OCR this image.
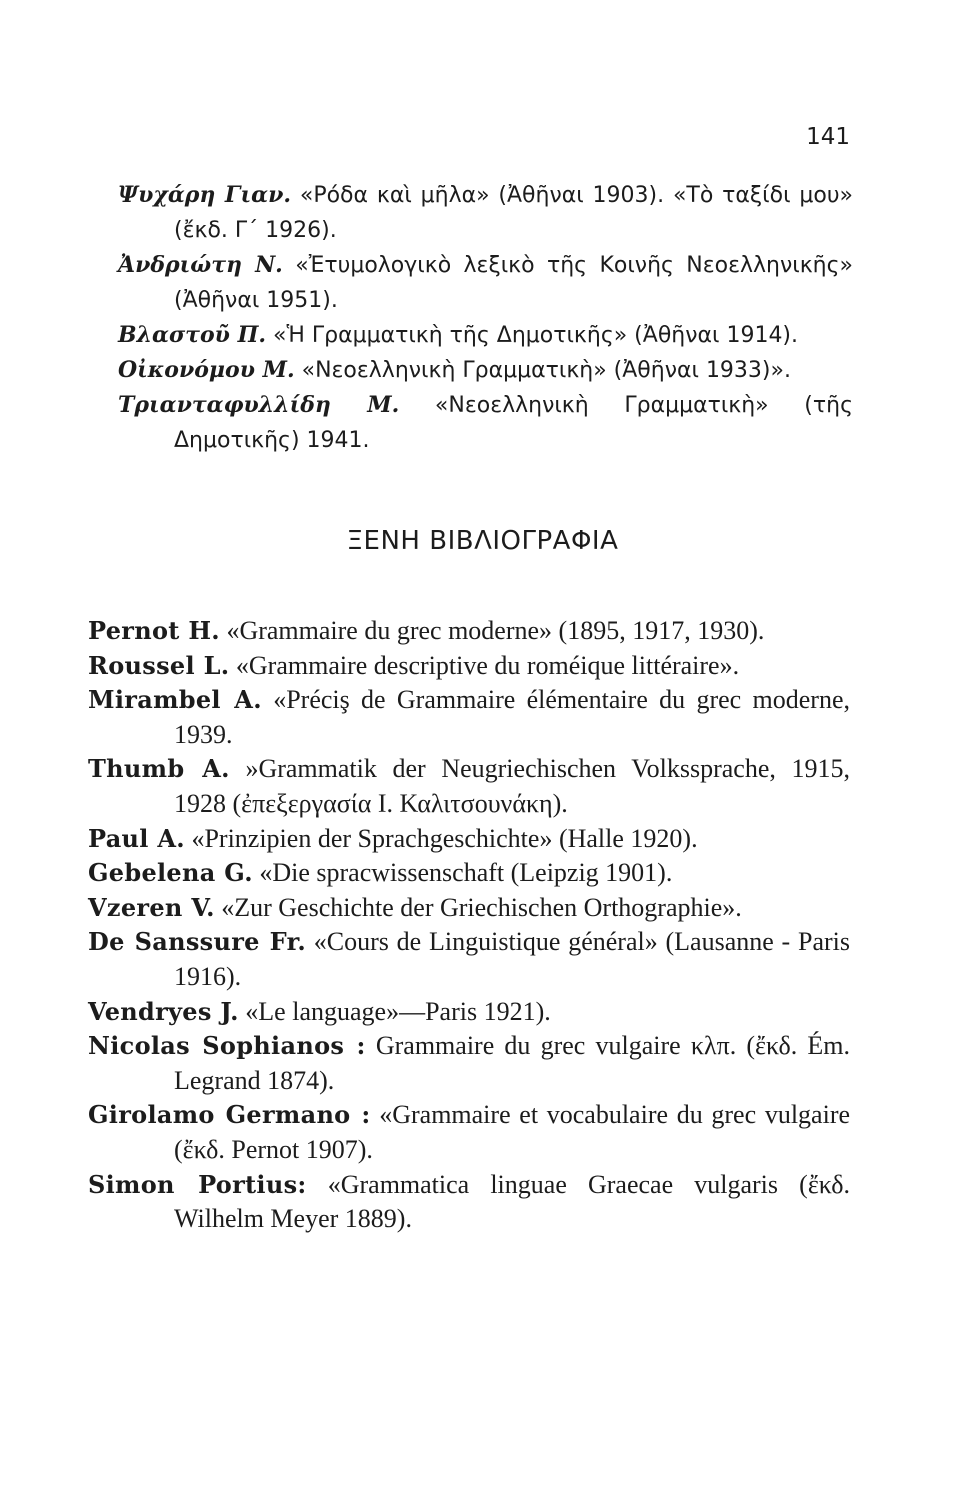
141

Ψυχάρη Γιαν. «Ρόδα καὶ μῆλα» (Ἀθῆναι 1903). «Τὸ ταξίδι μου» (ἔκδ. Γ´ 1926).

Ἀνδριώτη Ν. «Ἐτυμολογικὸ λεξικὸ τῆς Κοινῆς Νεοελληνικῆς» (Ἀθῆναι 1951).

Βλαστοῦ Π. «Ἡ Γραμματικὴ τῆς Δημοτικῆς» (Ἀθῆναι 1914).

Οἰκονόμου Μ. «Νεοελληνικὴ Γραμματικὴ» (Ἀθῆναι 1933)».

Τριανταφυλλίδη Μ. «Νεοελληνικὴ Γραμματικὴ» (τῆς Δημοτικῆς) 1941.

ΞΕΝΗ ΒΙΒΛΙΟΓΡΑΦΙΑ

Pernot H. «Grammaire du grec moderne» (1895, 1917, 1930).

Roussel L. «Grammaire descriptive du roméique littéraire».

Mirambel A. «Préciş de Grammaire élémentaire du grec moderne, 1939.

Thumb A. »Grammatik der Neugriechischen Volkssprache, 1915, 1928 (ἐπεξεργασία Ι. Καλιτσουνάκη).

Paul A. «Prinzipien der Sprachgeschichte» (Halle 1920).

Gebelena G. «Die spracwissenschaft (Leipzig 1901).

Vzeren V. «Zur Geschichte der Griechischen Orthographie».

De Sanssure Fr. «Cours de Linguistique général» (Lausanne - Paris 1916).

Vendryes J. «Le language»—Paris 1921).

Nicolas Sophianos : Grammaire du grec vulgaire κλπ. (ἔκδ. Ém. Legrand 1874).

Girolamo Germano : «Grammaire et vocabulaire du grec vulgaire (ἔκδ. Pernot 1907).

Simon Portius: «Grammatica linguae Graecae vulgaris (ἔκδ. Wilhelm Meyer 1889).
